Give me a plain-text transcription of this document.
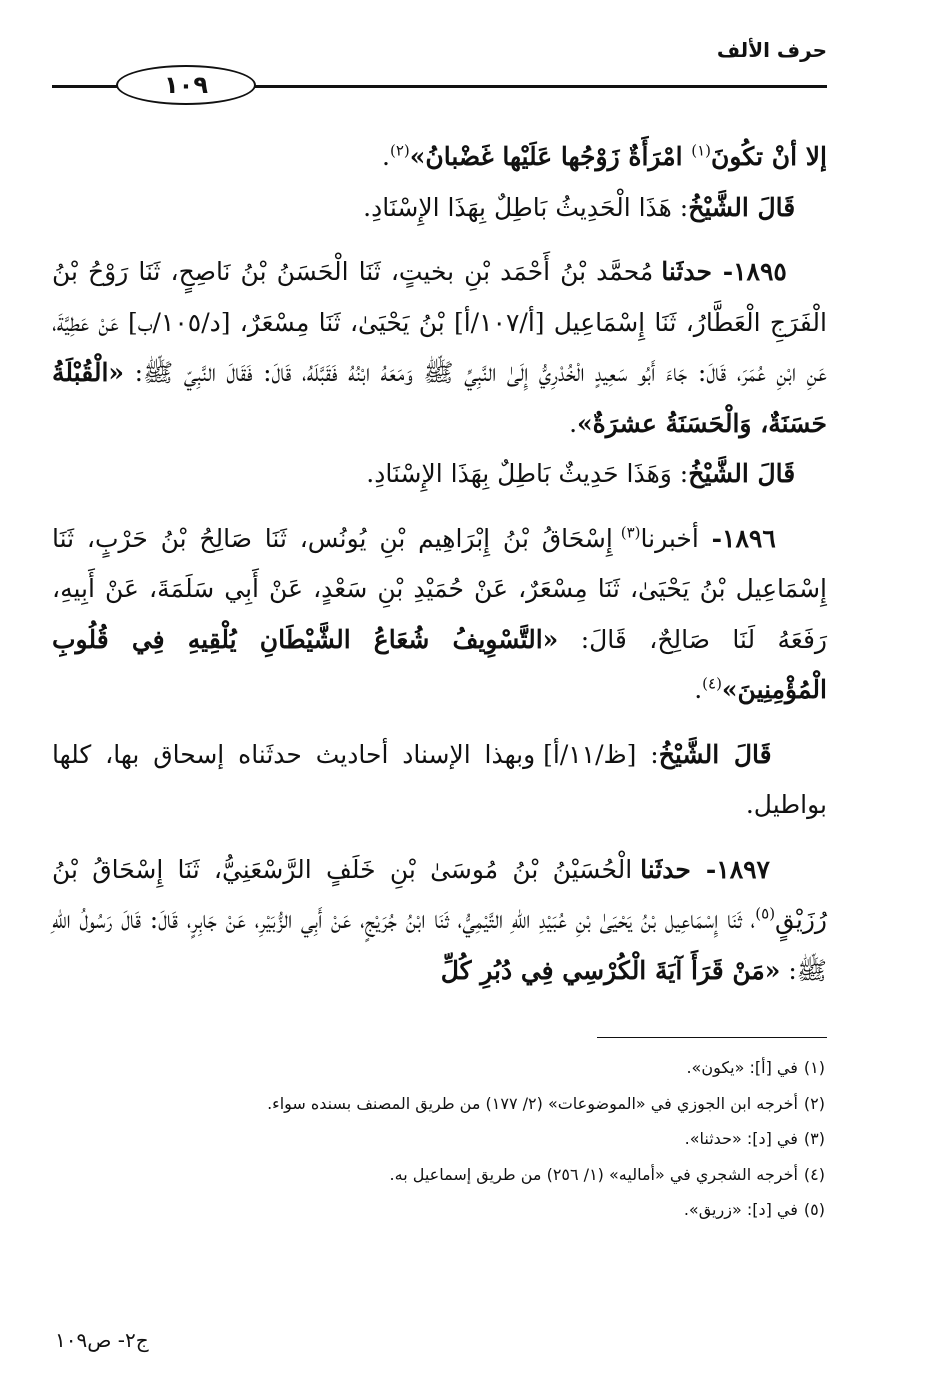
١٠٩
حرف الألف

إلا أنْ تكُونَ$^{(١)}$ امْرَأَةٌ زَوْجُها عَلَيْها غَضْبانُ»$^{(٢)}$.

قَالَ الشَّيْخُ: هَذَا الْحَدِيثُ بَاطِلٌ بِهَذَا الإِسْنَادِ.

١٨٩٥- حدثَنا مُحمَّد بْنُ أَحْمَد بْنِ بخيتٍ، ثَنَا الْحَسَنُ بْنُ نَاصِحٍ، ثَنَا رَوْحُ بْنُ الْفَرَجِ الْعَطَّارُ، ثَنَا إِسْمَاعِيل [أ/١٠٧/أ] بْنُ يَحْيَىٰ، ثَنَا مِسْعَرٌ، [د/١٠٥/ب] عَنْ عَطِيَّةَ، عَنِ ابْنِ عُمَرَ، قَالَ: جَاءَ أَبُو سَعِيدٍ الْخُدْرِيُّ إِلَىٰ النَّبِيِّ ﷺ وَمَعَهُ ابْنُهُ فَقَبَّلَهُ، قَالَ: فَقَالَ النَّبِيّ ﷺ: «الْقُبْلَةُ حَسَنَةٌ، وَالْحَسَنَةُ عشرَةٌ».

قَالَ الشَّيْخُ: وَهَذَا حَدِيثٌ بَاطِلٌ بِهَذَا الإِسْنَادِ.

١٨٩٦- أخبرنا$^{(٣)}$ إِسْحَاقُ بْنُ إِبْرَاهِيم بْنِ يُونُس، ثَنَا صَالِحُ بْنُ حَرْبٍ، ثَنَا إِسْمَاعِيل بْنُ يَحْيَىٰ، ثَنَا مِسْعَرٌ، عَنْ حُمَيْدِ بْنِ سَعْدٍ، عَنْ أَبِي سَلَمَةَ، عَنْ أَبِيهِ، رَفَعَهُ لَنَا صَالِحٌ، قَالَ: «التَّسْوِيفُ شُعَاعُ الشَّيْطَانِ يُلْقِيهِ فِي قُلُوبِ الْمُؤْمِنِينَ»$^{(٤)}$.

قَالَ الشَّيْخُ: [ظ/١١/أ] وبهذا الإسناد أحاديث حدثَناه إسحاق بها، كلها بواطيل.

١٨٩٧- حدثَنا الْحُسَيْنُ بْنُ مُوسَىٰ بْنِ خَلَفٍ الرَّسْعَنِيُّ، ثَنَا إِسْحَاقُ بْنُ رُزَيْقٍ$^{(٥)}$، ثَنَا إِسْمَاعِيل بْنُ يَحْيَىٰ بْنِ عُبَيْدِ اللهِ التَّيْمِيُّ، ثَنَا ابْنُ جُرَيْجٍ، عَنْ أَبِي الزُّبَيْرِ، عَنْ جَابِرٍ، قَالَ: قَالَ رَسُولُ اللهِ ﷺ: «مَنْ قَرَأَ آيَةَ الْكُرْسِي فِي دُبُرِ كُلِّ

(١)في [أ]: «يكون».
(٢)أخرجه ابن الجوزي في «الموضوعات» (٢/ ١٧٧) من طريق المصنف بسنده سواء.
(٣)في [د]: «حدثنا».
(٤)أخرجه الشجري في «أماليه» (١/ ٢٥٦) من طريق إسماعيل به.
(٥)في [د]: «زريق».
ج٢- ص١٠٩
